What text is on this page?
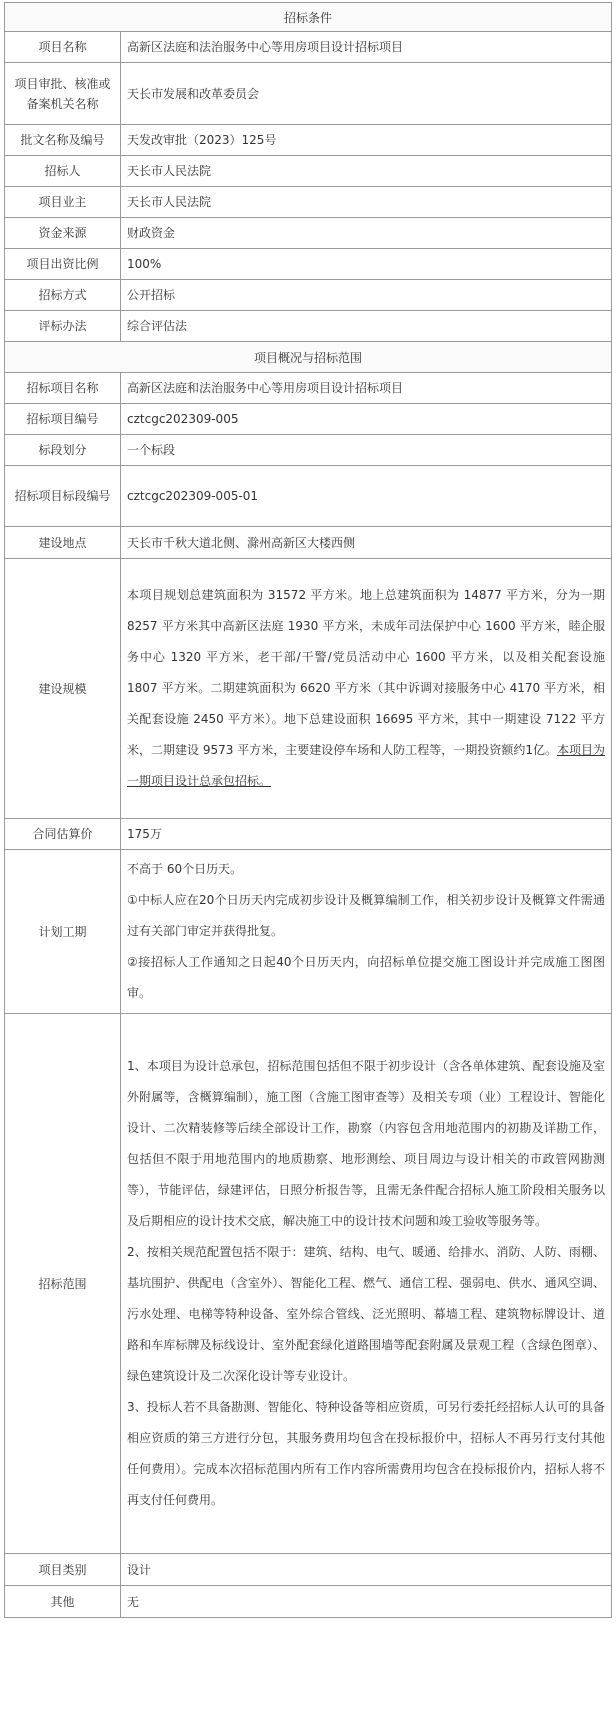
招标条件	
项目名称	高新区法庭和法治服务中心等用房项目设计招标项目
项目审批、核准或备案机关名称	天长市发展和改革委员会
批文名称及编号	天发改审批（2023）125号
招标人	天长市人民法院
项目业主	天长市人民法院
资金来源	财政资金
项目出资比例	100%
招标方式	公开招标
评标办法	综合评估法
项目概况与招标范围	
招标项目名称	高新区法庭和法治服务中心等用房项目设计招标项目
招标项目编号	cztcgc202309-005
标段划分	一个标段
招标项目标段编号	cztcgc202309-005-01
建设地点	天长市千秋大道北侧、滁州高新区大楼西侧
建设规模	本项目规划总建筑面积为 31572 平方米。地上总建筑面积为 14877 平方米，分为一期 8257 平方米其中高新区法庭 1930 平方米，未成年司法保护中心 1600 平方米，睦企服务中心 1320 平方米，老干部/干警/党员活动中心 1600 平方米，以及相关配套设施 1807 平方米。二期建筑面积为 6620 平方米（其中诉调对接服务中心 4170 平方米，相关配套设施 2450 平方米）。地下总建设面积 16695 平方米，其中一期建设 7122 平方米，二期建设 9573 平方米，主要建设停车场和人防工程等，一期投资额约1亿。本项目为一期项目设计总承包招标。
合同估算价	175万
计划工期	不高于 60个日历天。

①中标人应在20个日历天内完成初步设计及概算编制工作，相关初步设计及概算文件需通过有关部门审定并获得批复。

②接招标人工作通知之日起40个日历天内，向招标单位提交施工图设计并完成施工图图审。

招标范围	1、本项目为设计总承包，招标范围包括但不限于初步设计（含各单体建筑、配套设施及室外附属等，含概算编制），施工图（含施工图审查等）及相关专项（业）工程设计、智能化设计、二次精装修等后续全部设计工作，勘察（内容包含用地范围内的初勘及详勘工作，包括但不限于用地范围内的地质勘察、地形测绘、项目周边与设计相关的市政管网勘测等），节能评估，绿建评估，日照分析报告等，且需无条件配合招标人施工阶段相关服务以及后期相应的设计技术交底，解决施工中的设计技术问题和竣工验收等服务等。

2、按相关规范配置包括不限于：建筑、结构、电气、暖通、给排水、消防、人防、雨棚、基坑围护、供配电（含室外）、智能化工程、燃气、通信工程、强弱电、供水、通风空调、污水处理、电梯等特种设备、室外综合管线、泛光照明、幕墙工程、建筑物标牌设计、道路和车库标牌及标线设计、室外配套绿化道路围墙等配套附属及景观工程（含绿色图章）、绿色建筑设计及二次深化设计等专业设计。

3、投标人若不具备勘测、智能化、特种设备等相应资质，可另行委托经招标人认可的具备相应资质的第三方进行分包，其服务费用均包含在投标报价中，招标人不再另行支付其他任何费用）。完成本次招标范围内所有工作内容所需费用均包含在投标报价内，招标人将不再支付任何费用。

项目类别	设计
其他	无
